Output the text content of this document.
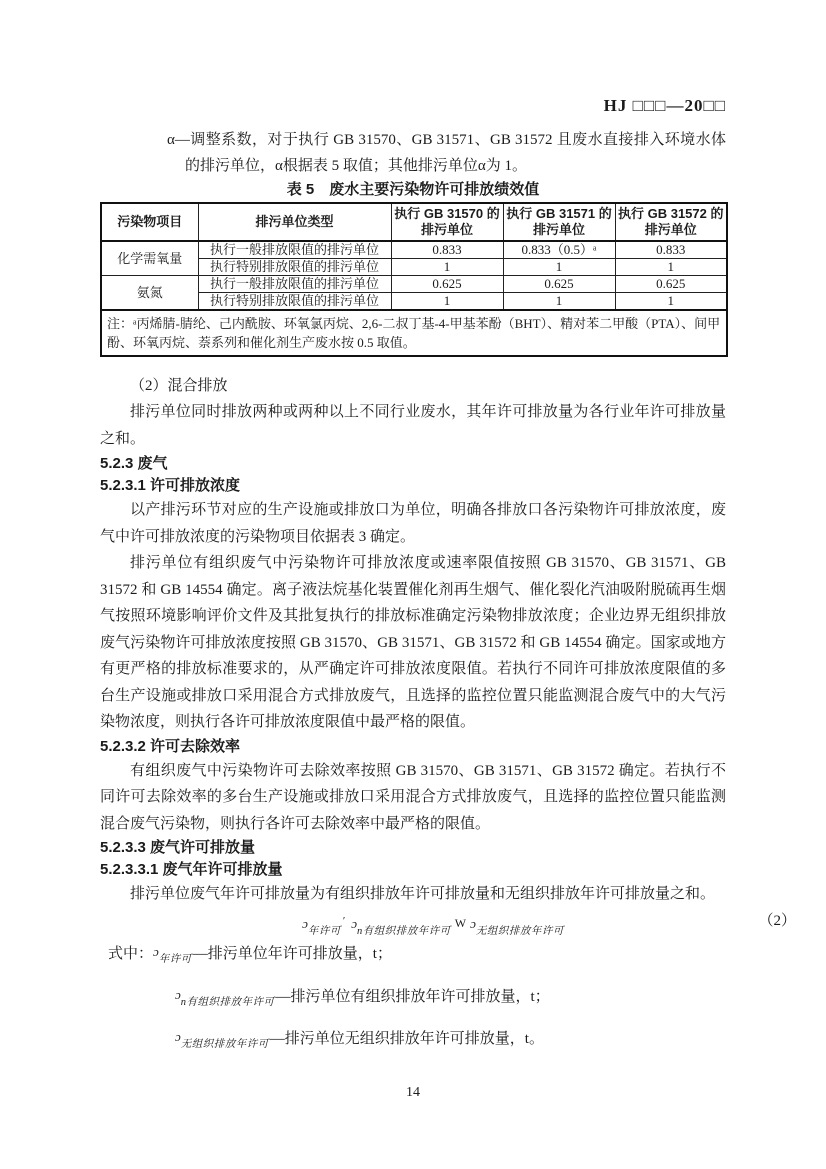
HJ □□□—20□□
α—调整系数，对于执行 GB 31570、GB 31571、GB 31572 且废水直接排入环境水体的排污单位，α根据表 5 取值；其他排污单位α为 1。
表 5　废水主要污染物许可排放绩效值
污染物项目	排污单位类型	执行 GB 31570 的排污单位	执行 GB 31571 的排污单位	执行 GB 31572 的排污单位
化学需氧量	执行一般排放限值的排污单位	0.833	0.833（0.5）ᵃ	0.833
	执行特别排放限值的排污单位	1	1	1
氨氮	执行一般排放限值的排污单位	0.625	0.625	0.625
	执行特别排放限值的排污单位	1	1	1
注：ᵃ丙烯腈-腈纶、己内酰胺、环氧氯丙烷、2,6-二叔丁基-4-甲基苯酚（BHT）、精对苯二甲酸（PTA）、间甲酚、环氧丙烷、萘系列和催化剂生产废水按 0.5 取值。				
（2）混合排放

排污单位同时排放两种或两种以上不同行业废水，其年许可排放量为各行业年许可排放量之和。

5.2.3 废气
5.2.3.1 许可排放浓度

以产排污环节对应的生产设施或排放口为单位，明确各排放口各污染物许可排放浓度，废气中许可排放浓度的污染物项目依据表 3 确定。

排污单位有组织废气中污染物许可排放浓度或速率限值按照 GB 31570、GB 31571、GB 31572 和 GB 14554 确定。离子液法烷基化装置催化剂再生烟气、催化裂化汽油吸附脱硫再生烟气按照环境影响评价文件及其批复执行的排放标准确定污染物排放浓度；企业边界无组织排放废气污染物许可排放浓度按照 GB 31570、GB 31571、GB 31572 和 GB 14554 确定。国家或地方有更严格的排放标准要求的，从严确定许可排放浓度限值。若执行不同许可排放浓度限值的多台生产设施或排放口采用混合方式排放废气，且选择的监控位置只能监测混合废气中的大气污染物浓度，则执行各许可排放浓度限值中最严格的限值。

5.2.3.2 许可去除效率

有组织废气中污染物许可去除效率按照 GB 31570、GB 31571、GB 31572 确定。若执行不同许可去除效率的多台生产设施或排放口采用混合方式排放废气，且选择的监控位置只能监测混合废气污染物，则执行各许可去除效率中最严格的限值。

5.2.3.3 废气许可排放量
5.2.3.3.1 废气年许可排放量

排污单位废气年许可排放量为有组织排放年许可排放量和无组织排放年许可排放量之和。

ɔ$_{年许可}$′ ɔ$_{n有组织排放年许可}$W ɔ$_{无组织排放年许可}$
（2）
式中：ɔ$_{年许可}$—排污单位年许可排放量，t；
ɔ$_{n有组织排放年许可}$—排污单位有组织排放年许可排放量，t；
ɔ$_{无组织排放年许可}$—排污单位无组织排放年许可排放量，t。
14
